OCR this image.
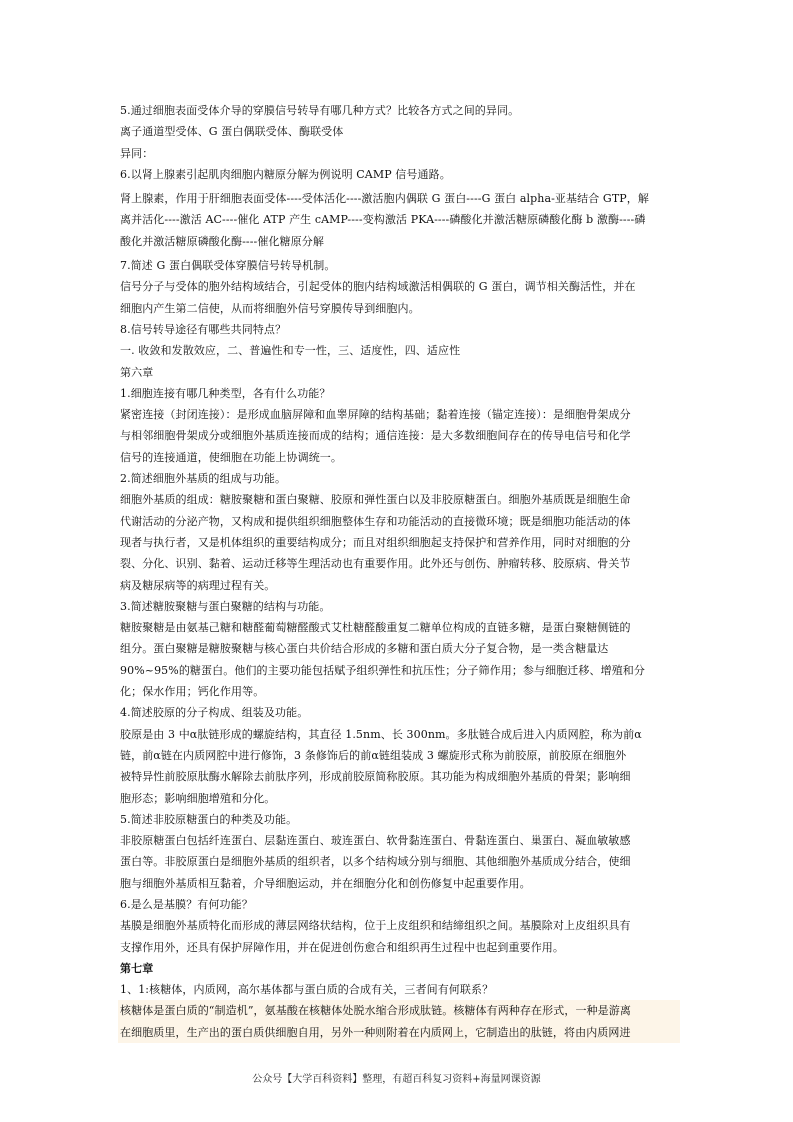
5.通过细胞表面受体介导的穿膜信号转导有哪几种方式？比较各方式之间的异同。
离子通道型受体、G 蛋白偶联受体、酶联受体
异同：
6.以肾上腺素引起肌肉细胞内糖原分解为例说明 CAMP 信号通路。
肾上腺素，作用于肝细胞表面受体----受体活化----激活胞内偶联 G 蛋白----G 蛋白 alpha-亚基结合 GTP，解
离并活化----激活 AC----催化 ATP 产生 cAMP----变构激活 PKA----磷酸化并激活糖原磷酸化酶 b 激酶----磷
酸化并激活糖原磷酸化酶----催化糖原分解
7.简述 G 蛋白偶联受体穿膜信号转导机制。
信号分子与受体的胞外结构域结合，引起受体的胞内结构域激活相偶联的 G 蛋白，调节相关酶活性，并在
细胞内产生第二信使，从而将细胞外信号穿膜传导到细胞内。
8.信号转导途径有哪些共同特点？
一. 收敛和发散效应，二、普遍性和专一性，三、适度性，四、适应性
第六章
1.细胞连接有哪几种类型，各有什么功能？
紧密连接（封闭连接）：是形成血脑屏障和血睾屏障的结构基础；黏着连接（锚定连接）：是细胞骨架成分
与相邻细胞骨架成分或细胞外基质连接而成的结构；通信连接：是大多数细胞间存在的传导电信号和化学
信号的连接通道，使细胞在功能上协调统一。
2.简述细胞外基质的组成与功能。
细胞外基质的组成：糖胺聚糖和蛋白聚糖、胶原和弹性蛋白以及非胶原糖蛋白。细胞外基质既是细胞生命
代谢活动的分泌产物，又构成和提供组织细胞整体生存和功能活动的直接微环境；既是细胞功能活动的体
现者与执行者，又是机体组织的重要结构成分；而且对组织细胞起支持保护和营养作用，同时对细胞的分
裂、分化、识别、黏着、运动迁移等生理活动也有重要作用。此外还与创伤、肿瘤转移、胶原病、骨关节
病及糖尿病等的病理过程有关。
3.简述糖胺聚糖与蛋白聚糖的结构与功能。
糖胺聚糖是由氨基己糖和糖醛葡萄糖醛酸式艾杜糖醛酸重复二糖单位构成的直链多糖，是蛋白聚糖侧链的
组分。蛋白聚糖是糖胺聚糖与核心蛋白共价结合形成的多糖和蛋白质大分子复合物，是一类含糖量达
90%~95%的糖蛋白。他们的主要功能包括赋予组织弹性和抗压性；分子筛作用；参与细胞迁移、增殖和分
化；保水作用；钙化作用等。
4.简述胶原的分子构成、组装及功能。
胶原是由 3 中α肽链形成的螺旋结构，其直径 1.5nm、长 300nm。多肽链合成后进入内质网腔，称为前α
链，前α链在内质网腔中进行修饰，3 条修饰后的前α链组装成 3 螺旋形式称为前胶原，前胶原在细胞外
被特异性前胶原肽酶水解除去前肽序列，形成前胶原简称胶原。其功能为构成细胞外基质的骨架；影响细
胞形态；影响细胞增殖和分化。
5.简述非胶原糖蛋白的种类及功能。
非胶原糖蛋白包括纤连蛋白、层黏连蛋白、玻连蛋白、软骨黏连蛋白、骨黏连蛋白、巢蛋白、凝血敏敏感
蛋白等。非胶原蛋白是细胞外基质的组织者，以多个结构域分别与细胞、其他细胞外基质成分结合，使细
胞与细胞外基质相互黏着，介导细胞运动，并在细胞分化和创伤修复中起重要作用。
6.是么是基膜？有何功能？
基膜是细胞外基质特化而形成的薄层网络状结构，位于上皮组织和结缔组织之间。基膜除对上皮组织具有
支撑作用外，还具有保护屏障作用，并在促进创伤愈合和组织再生过程中也起到重要作用。
第七章
1、1:核糖体，内质网，高尔基体都与蛋白质的合成有关，三者间有何联系？
核糖体是蛋白质的“制造机”，氨基酸在核糖体处脱水缩合形成肽链。核糖体有两种存在形式，一种是游离
在细胞质里，生产出的蛋白质供细胞自用，另外一种则附着在内质网上，它制造出的肽链，将由内质网进
公众号【大学百科资料】整理，有超百科复习资料+海量网课资源
